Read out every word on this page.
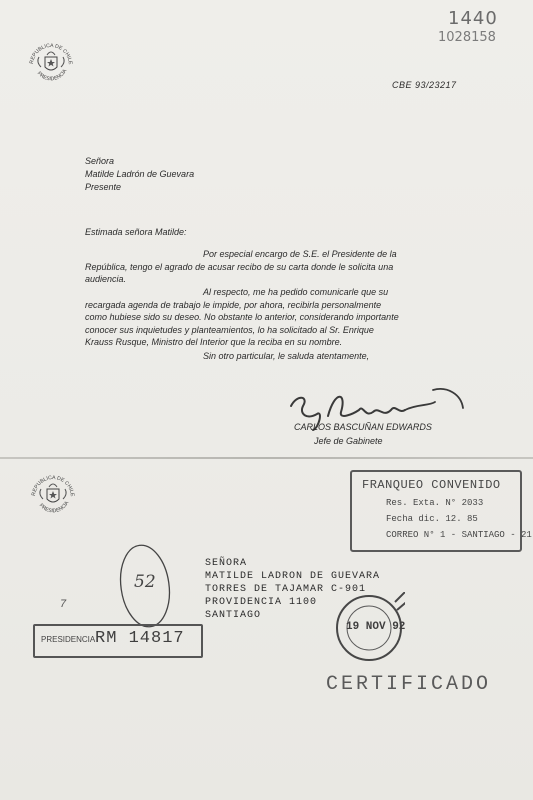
1440
1028158
REPUBLICA DE CHILE
PRESIDENCIA
CBE 93/23217
Señora
Matilde Ladrón de Guevara
Presente
Estimada señora Matilde:
Por especial encargo de S.E. el Presidente de la
República, tengo el agrado de acusar recibo de su carta donde le solicita una
audiencia.
Al respecto, me ha pedido comunicarle que su
recargada agenda de trabajo le impide, por ahora, recibirla personalmente
como hubiese sido su deseo. No obstante lo anterior, considerando importante
conocer sus inquietudes y planteamientos, lo ha solicitado al Sr. Enrique
Krauss Rusque, Ministro del Interior que la reciba en su nombre.
Sin otro particular, le saluda atentamente,
CARLOS BASCUÑAN EDWARDS
Jefe de Gabinete
REPUBLICA DE CHILE
PRESIDENCIA
FRANQUEO CONVENIDO
Res. Exta. N° 2033
Fecha dic. 12. 85
CORREO N° 1 - SANTIAGO - 21
52
7
SEÑORA
MATILDE LADRON DE GUEVARA
TORRES DE TAJAMAR C-901
PROVIDENCIA 1100
SANTIAGO
19 NOV 92
PRESIDENCIA RM 14817
CERTIFICADO
